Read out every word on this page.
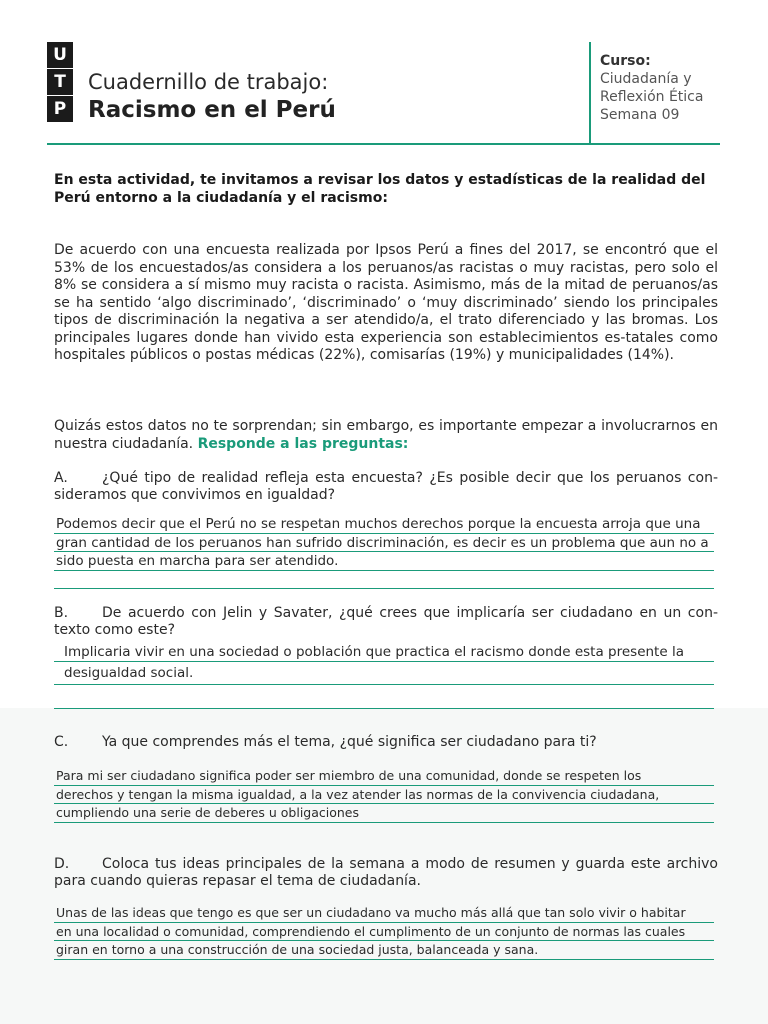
U
T
P
Cuadernillo de trabajo:
Racismo en el Perú
Curso:
Ciudadanía y
Reflexión Ética
Semana 09
En esta actividad, te invitamos a revisar los datos y estadísticas de la realidad del Perú entorno a la ciudadanía y el racismo:
De acuerdo con una encuesta realizada por Ipsos Perú a fines del 2017, se encontró que el 53% de los encuestados/as considera a los peruanos/as racistas o muy racistas, pero solo el 8% se considera a sí mismo muy racista o racista. Asimismo, más de la mitad de peruanos/as se ha sentido ‘algo discriminado’, ‘discriminado’ o ‘muy discriminado’ siendo los principales tipos de discriminación la negativa a ser atendido/a, el trato diferenciado y las bromas. Los principales lugares donde han vivido esta experiencia son establecimientos es-tatales como hospitales públicos o postas médicas (22%), comisarías (19%) y municipalidades (14%).
Quizás estos datos no te sorprendan; sin embargo, es importante empezar a involucrarnos en nuestra ciudadanía. Responde a las preguntas:
A. ¿Qué tipo de realidad refleja esta encuesta? ¿Es posible decir que los peruanos con-sideramos que convivimos en igualdad?
Podemos decir que el Perú no se respetan muchos derechos porque la encuesta arroja que una
gran cantidad de los peruanos han sufrido discriminación, es decir es un problema que aun no a
sido puesta en marcha para ser atendido.
B. De acuerdo con Jelin y Savater, ¿qué crees que implicaría ser ciudadano en un con-texto como este?
Implicaria vivir en una sociedad o población que practica el racismo donde esta presente la
desigualdad social.
C. Ya que comprendes más el tema, ¿qué significa ser ciudadano para ti?
Para mi ser ciudadano significa poder ser miembro de una comunidad, donde se respeten los
derechos y tengan la misma igualdad, a la vez atender las normas de la convivencia ciudadana,
cumpliendo una serie de deberes u obligaciones
D. Coloca tus ideas principales de la semana a modo de resumen y guarda este archivo para cuando quieras repasar el tema de ciudadanía.
Unas de las ideas que tengo es que ser un ciudadano va mucho más allá que tan solo vivir o habitar
en una localidad o comunidad, comprendiendo el cumplimento de un conjunto de normas las cuales
giran en torno a una construcción de una sociedad justa, balanceada y sana.
